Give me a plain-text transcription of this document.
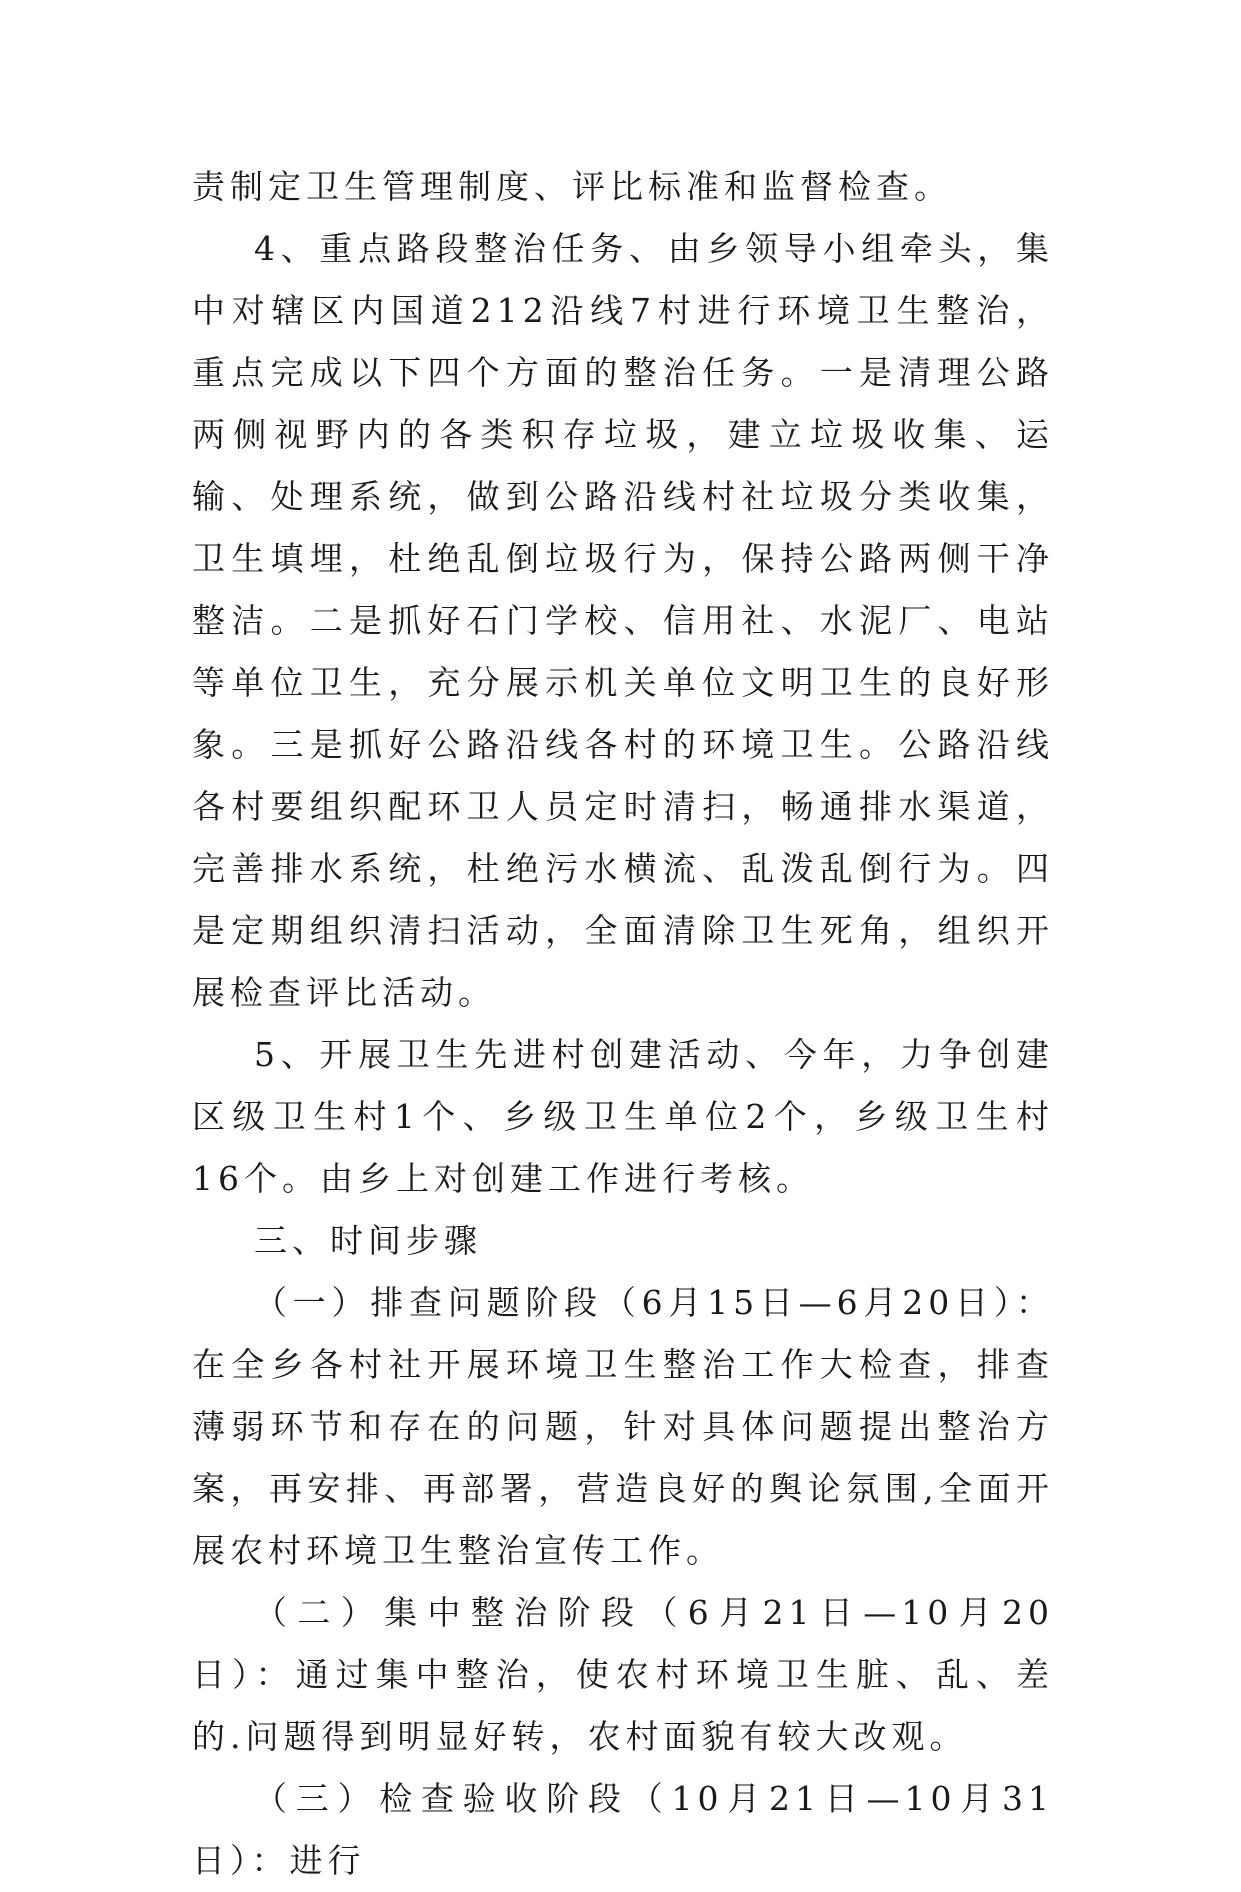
责制定卫生管理制度、评比标准和监督检查。

4、重点路段整治任务、由乡领导小组牵头，集中对辖区内国道212沿线7村进行环境卫生整治，重点完成以下四个方面的整治任务。一是清理公路两侧视野内的各类积存垃圾，建立垃圾收集、运输、处理系统，做到公路沿线村社垃圾分类收集，卫生填埋，杜绝乱倒垃圾行为，保持公路两侧干净整洁。二是抓好石门学校、信用社、水泥厂、电站等单位卫生，充分展示机关单位文明卫生的良好形象。三是抓好公路沿线各村的环境卫生。公路沿线各村要组织配环卫人员定时清扫，畅通排水渠道，完善排水系统，杜绝污水横流、乱泼乱倒行为。四是定期组织清扫活动，全面清除卫生死角，组织开展检查评比活动。

5、开展卫生先进村创建活动、今年，力争创建区级卫生村1个、乡级卫生单位2个，乡级卫生村16个。由乡上对创建工作进行考核。

三、时间步骤

（一）排查问题阶段（6月15日—6月20日）：在全乡各村社开展环境卫生整治工作大检查，排查薄弱环节和存在的问题，针对具体问题提出整治方案，再安排、再部署，营造良好的舆论氛围,全面开展农村环境卫生整治宣传工作。

（二）集中整治阶段（6月21日—10月20日）：通过集中整治，使农村环境卫生脏、乱、差的.问题得到明显好转，农村面貌有较大改观。

（三）检查验收阶段（10月21日—10月31日）：进行
